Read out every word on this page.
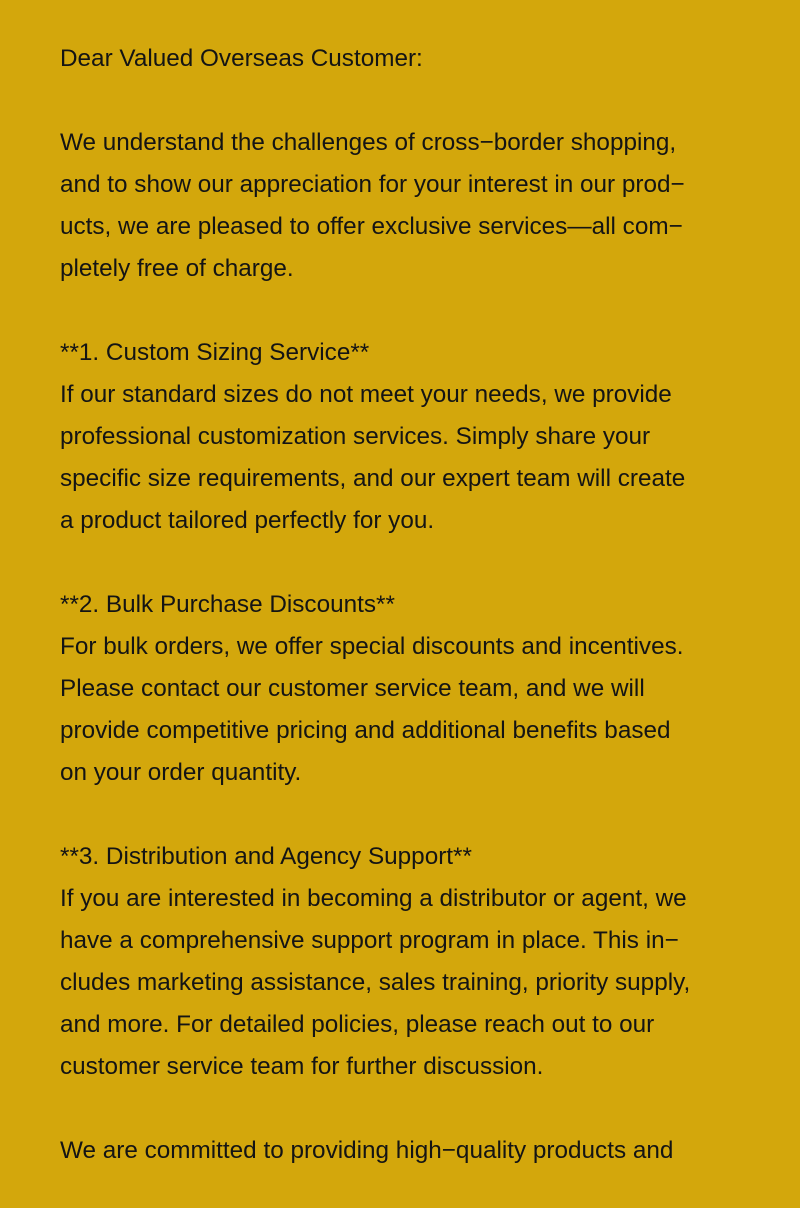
Dear Valued Overseas Customer:
We understand the challenges of cross−border shopping,
and to show our appreciation for your interest in our prod−
ucts, we are pleased to offer exclusive services—all com−
pletely free of charge.
**1. Custom Sizing Service**
If our standard sizes do not meet your needs, we provide
professional customization services. Simply share your
specific size requirements, and our expert team will create
a product tailored perfectly for you.
**2. Bulk Purchase Discounts**
For bulk orders, we offer special discounts and incentives.
Please contact our customer service team, and we will
provide competitive pricing and additional benefits based
on your order quantity.
**3. Distribution and Agency Support**
If you are interested in becoming a distributor or agent, we
have a comprehensive support program in place. This in−
cludes marketing assistance, sales training, priority supply,
and more. For detailed policies, please reach out to our
customer service team for further discussion.
We are committed to providing high−quality products and
